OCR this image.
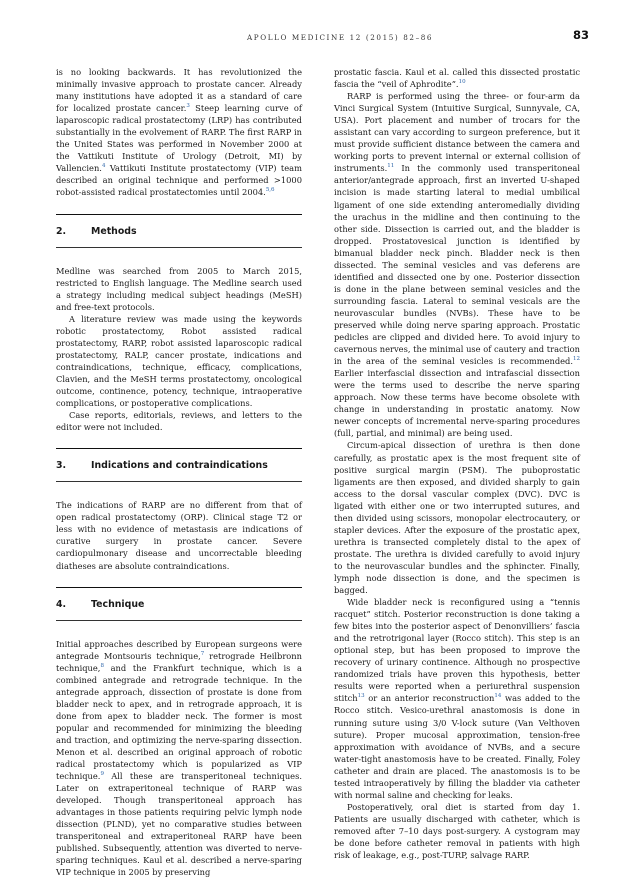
APOLLO MEDICINE 12 (2015) 82–86	83

is no looking backwards. It has revolutionized the minimally invasive approach to prostate cancer. Already many institutions have adopted it as a standard of care for localized prostate cancer.$^3$ Steep learning curve of laparoscopic radical prostatectomy (LRP) has contributed substantially in the evolvement of RARP. The first RARP in the United States was performed in November 2000 at the Vattikuti Institute of Urology (Detroit, MI) by Vallencien.$^4$ Vattikuti Institute prostatectomy (VIP) team described an original technique and performed >1000 robot-assisted radical prostatectomies until 2004.$^{5,6}$

2.	Methods

Medline was searched from 2005 to March 2015, restricted to English language. The Medline search used a strategy including medical subject headings (MeSH) and free-text protocols.

A literature review was made using the keywords robotic prostatectomy, Robot assisted radical prostatectomy, RARP, robot assisted laparoscopic radical prostatectomy, RALP, cancer prostate, indications and contraindications, technique, efficacy, complications, Clavien, and the MeSH terms prostatectomy, oncological outcome, continence, potency, technique, intraoperative complications, or postoperative complications.

Case reports, editorials, reviews, and letters to the editor were not included.

3.	Indications and contraindications

The indications of RARP are no different from that of open radical prostatectomy (ORP). Clinical stage T2 or less with no evidence of metastasis are indications of curative surgery in prostate cancer. Severe cardiopulmonary disease and uncorrectable bleeding diatheses are absolute contraindications.

4.	Technique

Initial approaches described by European surgeons were antegrade Montsouris technique,$^7$ retrograde Heilbronn technique,$^8$ and the Frankfurt technique, which is a combined antegrade and retrograde technique. In the antegrade approach, dissection of prostate is done from bladder neck to apex, and in retrograde approach, it is done from apex to bladder neck. The former is most popular and recommended for minimizing the bleeding and traction, and optimizing the nerve-sparing dissection. Menon et al. described an original approach of robotic radical prostatectomy which is popularized as VIP technique.$^9$ All these are transperitoneal techniques. Later on extraperitoneal technique of RARP was developed. Though transperitoneal approach has advantages in those patients requiring pelvic lymph node dissection (PLND), yet no comparative studies between transperitoneal and extraperitoneal RARP have been published. Subsequently, attention was diverted to nerve-sparing techniques. Kaul et al. described a nerve-sparing VIP technique in 2005 by preserving

prostatic fascia. Kaul et al. called this dissected prostatic fascia the “veil of Aphrodite”.$^{10}$

RARP is performed using the three- or four-arm da Vinci Surgical System (Intuitive Surgical, Sunnyvale, CA, USA). Port placement and number of trocars for the assistant can vary according to surgeon preference, but it must provide sufficient distance between the camera and working ports to prevent internal or external collision of instruments.$^{11}$ In the commonly used transperitoneal anterior/antegrade approach, first an inverted U-shaped incision is made starting lateral to medial umbilical ligament of one side extending anteromedially dividing the urachus in the midline and then continuing to the other side. Dissection is carried out, and the bladder is dropped. Prostatovesical junction is identified by bimanual bladder neck pinch. Bladder neck is then dissected. The seminal vesicles and vas deferens are identified and dissected one by one. Posterior dissection is done in the plane between seminal vesicles and the surrounding fascia. Lateral to seminal vesicals are the neurovascular bundles (NVBs). These have to be preserved while doing nerve sparing approach. Prostatic pedicles are clipped and divided here. To avoid injury to cavernous nerves, the minimal use of cautery and traction in the area of the seminal vesicles is recommended.$^{12}$ Earlier interfascial dissection and intrafascial dissection were the terms used to describe the nerve sparing approach. Now these terms have become obsolete with change in understanding in prostatic anatomy. Now newer concepts of incremental nerve-sparing procedures (full, partial, and minimal) are being used.

Circum-apical dissection of urethra is then done carefully, as prostatic apex is the most frequent site of positive surgical margin (PSM). The puboprostatic ligaments are then exposed, and divided sharply to gain access to the dorsal vascular complex (DVC). DVC is ligated with either one or two interrupted sutures, and then divided using scissors, monopolar electrocautery, or stapler devices. After the exposure of the prostatic apex, urethra is transected completely distal to the apex of prostate. The urethra is divided carefully to avoid injury to the neurovascular bundles and the sphincter. Finally, lymph node dissection is done, and the specimen is bagged.

Wide bladder neck is reconfigured using a “tennis racquet” stitch. Posterior reconstruction is done taking a few bites into the posterior aspect of Denonvilliers’ fascia and the retrotrigonal layer (Rocco stitch). This step is an optional step, but has been proposed to improve the recovery of urinary continence. Although no prospective randomized trials have proven this hypothesis, better results were reported when a periurethral suspension stitch$^{13}$ or an anterior reconstruction$^{14}$ was added to the Rocco stitch. Vesico-urethral anastomosis is done in running suture using 3/0 V-lock suture (Van Velthoven suture). Proper mucosal approximation, tension-free approximation with avoidance of NVBs, and a secure water-tight anastomosis have to be created. Finally, Foley catheter and drain are placed. The anastomosis is to be tested intraoperatively by filling the bladder via catheter with normal saline and checking for leaks.

Postoperatively, oral diet is started from day 1. Patients are usually discharged with catheter, which is removed after 7–10 days post-surgery. A cystogram may be done before catheter removal in patients with high risk of leakage, e.g., post-TURP, salvage RARP.
